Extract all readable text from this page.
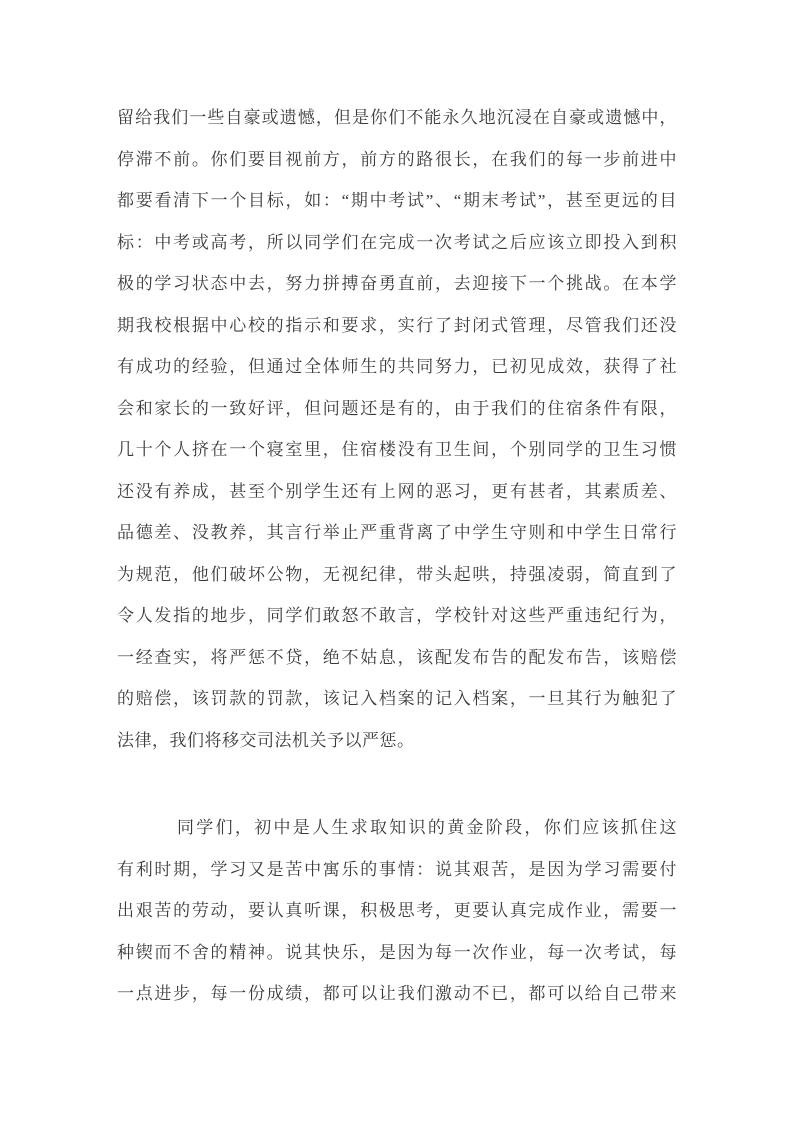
留给我们一些自豪或遗憾，但是你们不能永久地沉浸在自豪或遗憾中，
停滞不前。你们要目视前方，前方的路很长，在我们的每一步前进中
都要看清下一个目标，如：“期中考试”、“期末考试”，甚至更远的目
标：中考或高考，所以同学们在完成一次考试之后应该立即投入到积
极的学习状态中去，努力拼搏奋勇直前，去迎接下一个挑战。在本学
期我校根据中心校的指示和要求，实行了封闭式管理，尽管我们还没
有成功的经验，但通过全体师生的共同努力，已初见成效，获得了社
会和家长的一致好评，但问题还是有的，由于我们的住宿条件有限，
几十个人挤在一个寝室里，住宿楼没有卫生间，个别同学的卫生习惯
还没有养成，甚至个别学生还有上网的恶习，更有甚者，其素质差、
品德差、没教养，其言行举止严重背离了中学生守则和中学生日常行
为规范，他们破坏公物，无视纪律，带头起哄，持强凌弱，简直到了
令人发指的地步，同学们敢怒不敢言，学校针对这些严重违纪行为，
一经查实，将严惩不贷，绝不姑息，该配发布告的配发布告，该赔偿
的赔偿，该罚款的罚款，该记入档案的记入档案，一旦其行为触犯了
法律，我们将移交司法机关予以严惩。
同学们，初中是人生求取知识的黄金阶段，你们应该抓住这
有利时期，学习又是苦中寓乐的事情：说其艰苦，是因为学习需要付
出艰苦的劳动，要认真听课，积极思考，更要认真完成作业，需要一
种锲而不舍的精神。说其快乐，是因为每一次作业，每一次考试，每
一点进步，每一份成绩，都可以让我们激动不已，都可以给自己带来
